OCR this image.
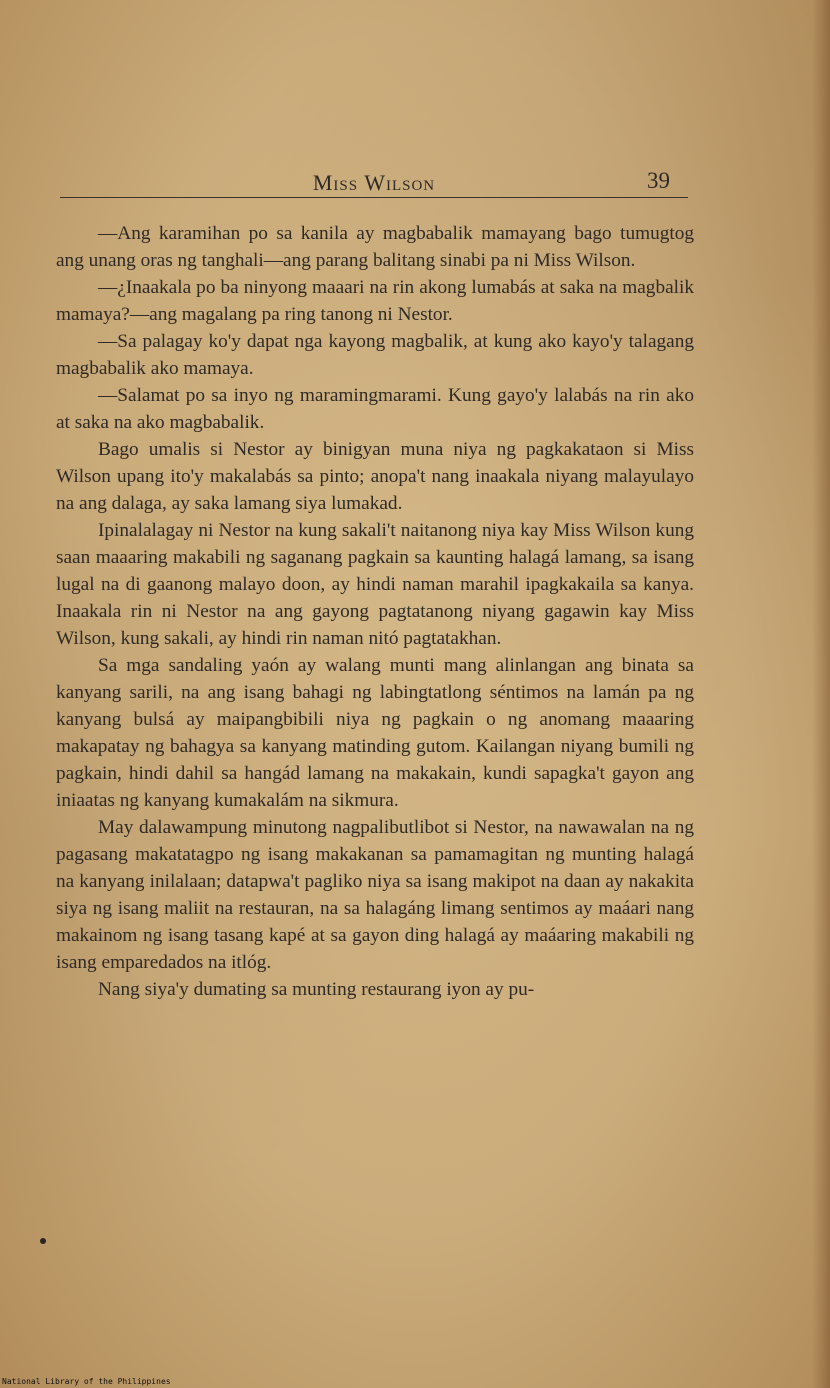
Miss Wilson	39

—Ang karamihan po sa kanila ay magbabalik mamayang bago tumugtog ang unang oras ng tanghali—ang parang balitang sinabi pa ni Miss Wilson.

—¿Inaakala po ba ninyong maaari na rin akong lumabás at saka na magbalik mamaya?—ang magalang pa ring tanong ni Nestor.

—Sa palagay ko'y dapat nga kayong magbalik, at kung ako kayo'y talagang magbabalik ako mamaya.

—Salamat po sa inyo ng maramingmarami. Kung gayo'y lalabás na rin ako at saka na ako magbabalik.

Bago umalis si Nestor ay binigyan muna niya ng pagkakataon si Miss Wilson upang ito'y makalabás sa pinto; anopa't nang inaakala niyang malayulayo na ang dalaga, ay saka lamang siya lumakad.

Ipinalalagay ni Nestor na kung sakali't naitanong niya kay Miss Wilson kung saan maaaring makabili ng saganang pagkain sa kaunting halagá lamang, sa isang lugal na di gaanong malayo doon, ay hindi naman marahil ipagkakaila sa kanya. Inaakala rin ni Nestor na ang gayong pagtatanong niyang gagawin kay Miss Wilson, kung sakali, ay hindi rin naman nitó pagtatakhan.

Sa mga sandaling yaón ay walang munti mang alinlangan ang binata sa kanyang sarili, na ang isang bahagi ng labingtatlong séntimos na lamán pa ng kanyang bulsá ay maipangbibili niya ng pagkain o ng anomang maaaring makapatay ng bahagya sa kanyang matinding gutom. Kailangan niyang bumili ng pagkain, hindi dahil sa hangád lamang na makakain, kundi sapagka't gayon ang iniaatas ng kanyang kumakalám na sikmura.

May dalawampung minutong nagpalibutlibot si Nestor, na nawawalan na ng pagasang makatatagpo ng isang makakanan sa pamamagitan ng munting halagá na kanyang inilalaan; datapwa't pagliko niya sa isang makipot na daan ay nakakita siya ng isang maliit na restauran, na sa halagáng limang sentimos ay maáari nang makainom ng isang tasang kapé at sa gayon ding halagá ay maáaring makabili ng isang emparedados na itlóg.

Nang siya'y dumating sa munting restaurang iyon ay pu-

National Library of the Philippines
